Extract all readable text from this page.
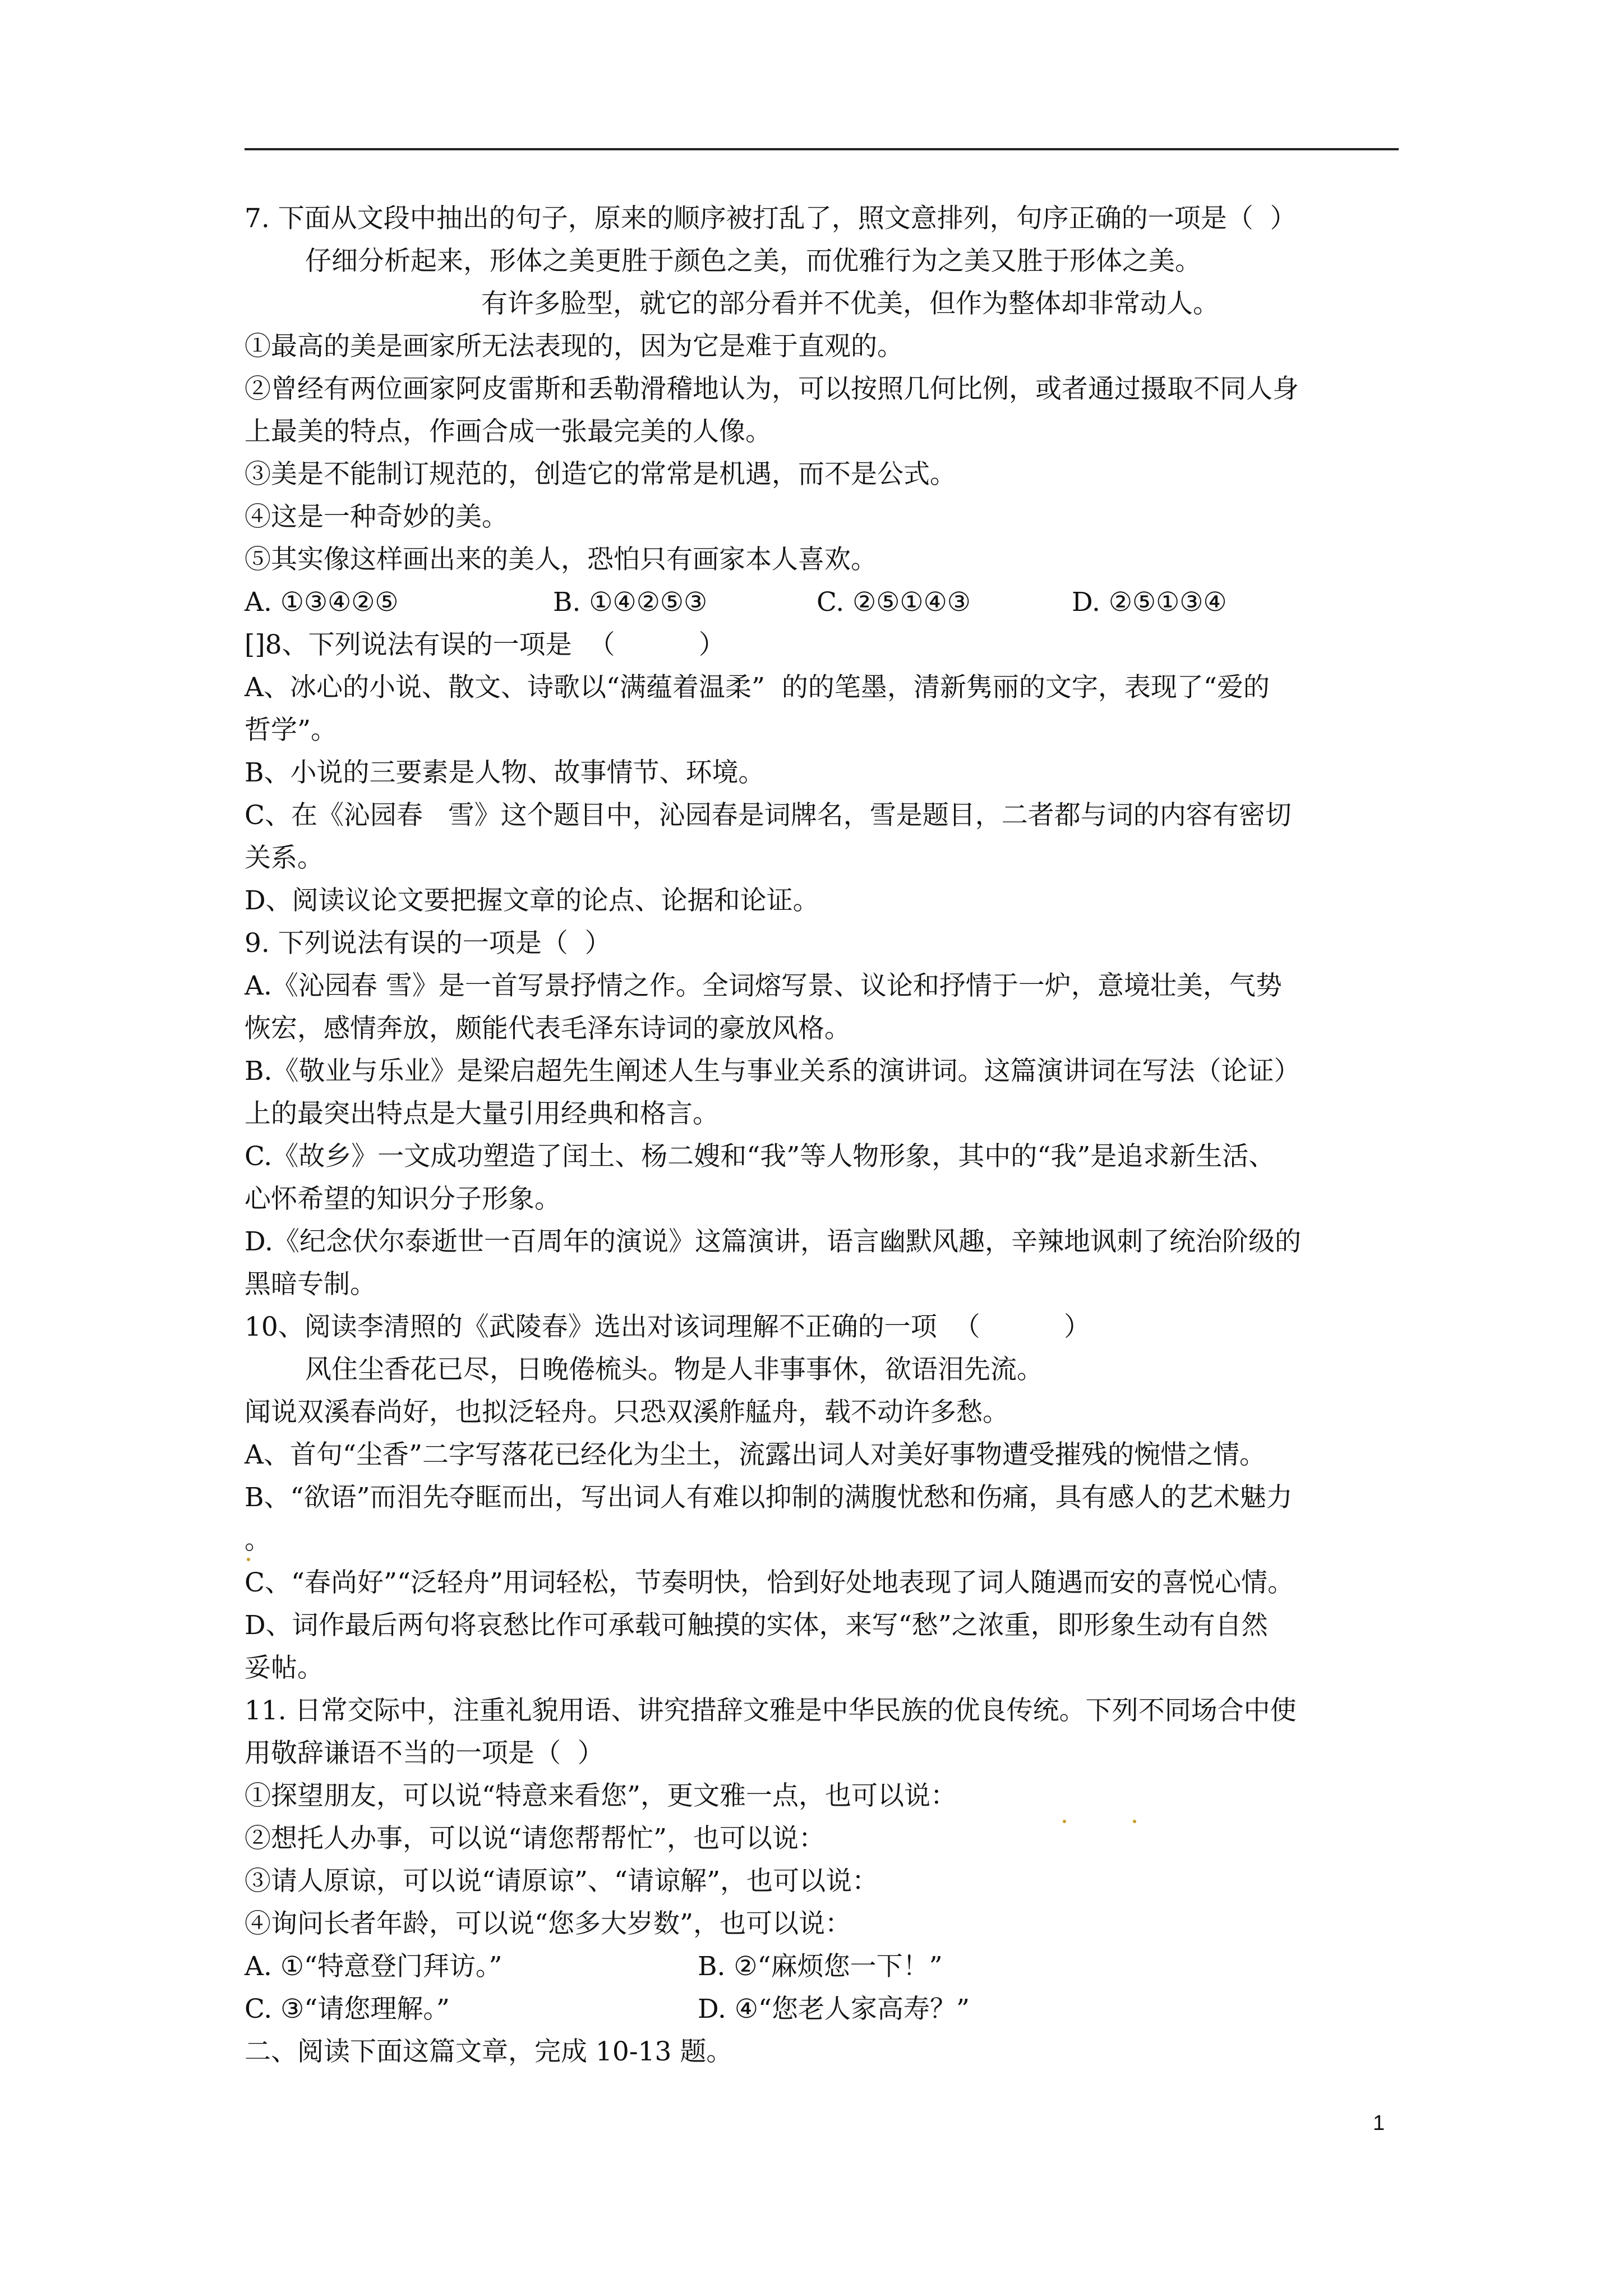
7. 下面从文段中抽出的句子，原来的顺序被打乱了，照文意排列，句序正确的一项是（  ）
仔细分析起来，形体之美更胜于颜色之美，而优雅行为之美又胜于形体之美。
有许多脸型，就它的部分看并不优美，但作为整体却非常动人。
①最高的美是画家所无法表现的，因为它是难于直观的。
②曾经有两位画家阿皮雷斯和丢勒滑稽地认为，可以按照几何比例，或者通过摄取不同人身
上最美的特点，作画合成一张最完美的人像。
③美是不能制订规范的，创造它的常常是机遇，而不是公式。
④这是一种奇妙的美。
⑤其实像这样画出来的美人，恐怕只有画家本人喜欢。
A. ①③④②⑤	B. ①④②⑤③	C. ②⑤①④③	D. ②⑤①③④
[]8、下列说法有误的一项是  （          ）
A、冰心的小说、散文、诗歌以“满蕴着温柔”  的的笔墨，清新隽丽的文字，表现了“爱的
哲学”。
B、小说的三要素是人物、故事情节、环境。
C、在《沁园春   雪》这个题目中，沁园春是词牌名，雪是题目，二者都与词的内容有密切
关系。
D、阅读议论文要把握文章的论点、论据和论证。
9. 下列说法有误的一项是（  ）
A.《沁园春 雪》是一首写景抒情之作。全词熔写景、议论和抒情于一炉，意境壮美，气势
恢宏，感情奔放，颇能代表毛泽东诗词的豪放风格。
B.《敬业与乐业》是梁启超先生阐述人生与事业关系的演讲词。这篇演讲词在写法（论证）
上的最突出特点是大量引用经典和格言。
C.《故乡》一文成功塑造了闰土、杨二嫂和“我”等人物形象，其中的“我”是追求新生活、
心怀希望的知识分子形象。
D.《纪念伏尔泰逝世一百周年的演说》这篇演讲，语言幽默风趣，辛辣地讽刺了统治阶级的
黑暗专制。
10、阅读李清照的《武陵春》选出对该词理解不正确的一项  （          ）
风住尘香花已尽，日晚倦梳头。物是人非事事休，欲语泪先流。
闻说双溪春尚好，也拟泛轻舟。只恐双溪舴艋舟，载不动许多愁。
A、首句“尘香”二字写落花已经化为尘土，流露出词人对美好事物遭受摧残的惋惜之情。
B、“欲语”而泪先夺眶而出，写出词人有难以抑制的满腹忧愁和伤痛，具有感人的艺术魅力
。
C、“春尚好”“泛轻舟”用词轻松，节奏明快，恰到好处地表现了词人随遇而安的喜悦心情。
D、词作最后两句将哀愁比作可承载可触摸的实体，来写“愁”之浓重，即形象生动有自然
妥帖。
11. 日常交际中，注重礼貌用语、讲究措辞文雅是中华民族的优良传统。下列不同场合中使
用敬辞谦语不当的一项是（  ）
①探望朋友，可以说“特意来看您”，更文雅一点，也可以说：
②想托人办事，可以说“请您帮帮忙”，也可以说：
③请人原谅，可以说“请原谅”、“请谅解”，也可以说：
④询问长者年龄，可以说“您多大岁数”，也可以说：
A. ①“特意登门拜访。”	B. ②“麻烦您一下！”
C. ③“请您理解。”	D. ④“您老人家高寿？”
二、阅读下面这篇文章，完成 10-13 题。
1
